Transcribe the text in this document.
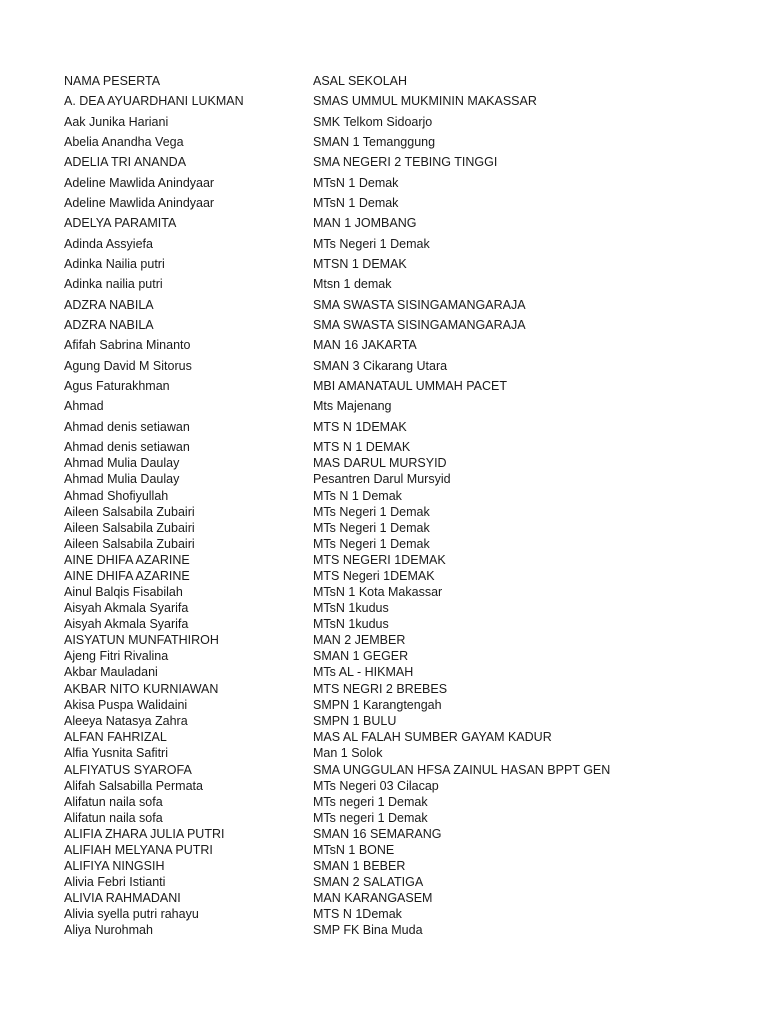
NAMA PESERTA	ASAL SEKOLAH
A. DEA AYUARDHANI LUKMAN	SMAS UMMUL MUKMININ MAKASSAR
Aak Junika Hariani	SMK Telkom Sidoarjo
Abelia Anandha Vega	SMAN 1 Temanggung
ADELIA TRI ANANDA	SMA NEGERI 2 TEBING TINGGI
Adeline Mawlida Anindyaar	MTsN 1 Demak
Adeline Mawlida Anindyaar	MTsN 1 Demak
ADELYA PARAMITA	MAN 1 JOMBANG
Adinda Assyiefa	MTs Negeri 1 Demak
Adinka Nailia putri	MTSN 1 DEMAK
Adinka nailia putri	Mtsn 1 demak
ADZRA NABILA	SMA SWASTA SISINGAMANGARAJA
ADZRA NABILA	SMA SWASTA SISINGAMANGARAJA
Afifah Sabrina Minanto	MAN 16 JAKARTA
Agung David M Sitorus	SMAN 3 Cikarang Utara
Agus Faturakhman	MBI AMANATAUL UMMAH PACET
Ahmad	Mts Majenang
Ahmad denis setiawan	MTS N 1DEMAK
Ahmad denis setiawan	MTS N 1 DEMAK
Ahmad Mulia Daulay	MAS DARUL MURSYID
Ahmad Mulia Daulay	Pesantren Darul Mursyid
Ahmad Shofiyullah	MTs N 1 Demak
Aileen Salsabila Zubairi	MTs Negeri 1 Demak
Aileen Salsabila Zubairi	MTs Negeri 1 Demak
Aileen Salsabila Zubairi	MTs Negeri 1 Demak
AINE DHIFA AZARINE	MTS NEGERI 1DEMAK
AINE DHIFA AZARINE	MTS Negeri 1DEMAK
Ainul Balqis Fisabilah	MTsN 1 Kota Makassar
Aisyah Akmala Syarifa	MTsN 1kudus
Aisyah Akmala Syarifa	MTsN 1kudus
AISYATUN MUNFATHIROH	MAN 2 JEMBER
Ajeng Fitri Rivalina	SMAN 1 GEGER
Akbar Mauladani	MTs AL - HIKMAH
AKBAR NITO KURNIAWAN	MTS NEGRI 2 BREBES
Akisa Puspa Walidaini	SMPN 1 Karangtengah
Aleeya Natasya Zahra	SMPN 1 BULU
ALFAN FAHRIZAL	MAS AL FALAH SUMBER GAYAM KADUR
Alfia Yusnita Safitri	Man 1 Solok
ALFIYATUS SYAROFA	SMA UNGGULAN HFSA ZAINUL HASAN BPPT GEN
Alifah Salsabilla Permata	MTs Negeri 03 Cilacap
Alifatun naila sofa	MTs negeri 1 Demak
Alifatun naila sofa	MTs negeri 1 Demak
ALIFIA ZHARA JULIA PUTRI	SMAN 16 SEMARANG
ALIFIAH MELYANA PUTRI	MTsN 1 BONE
ALIFIYA NINGSIH	SMAN 1 BEBER
Alivia Febri Istianti	SMAN 2 SALATIGA
ALIVIA RAHMADANI	MAN KARANGASEM
Alivia syella putri rahayu	MTS N 1Demak
Aliya Nurohmah	SMP FK Bina Muda
